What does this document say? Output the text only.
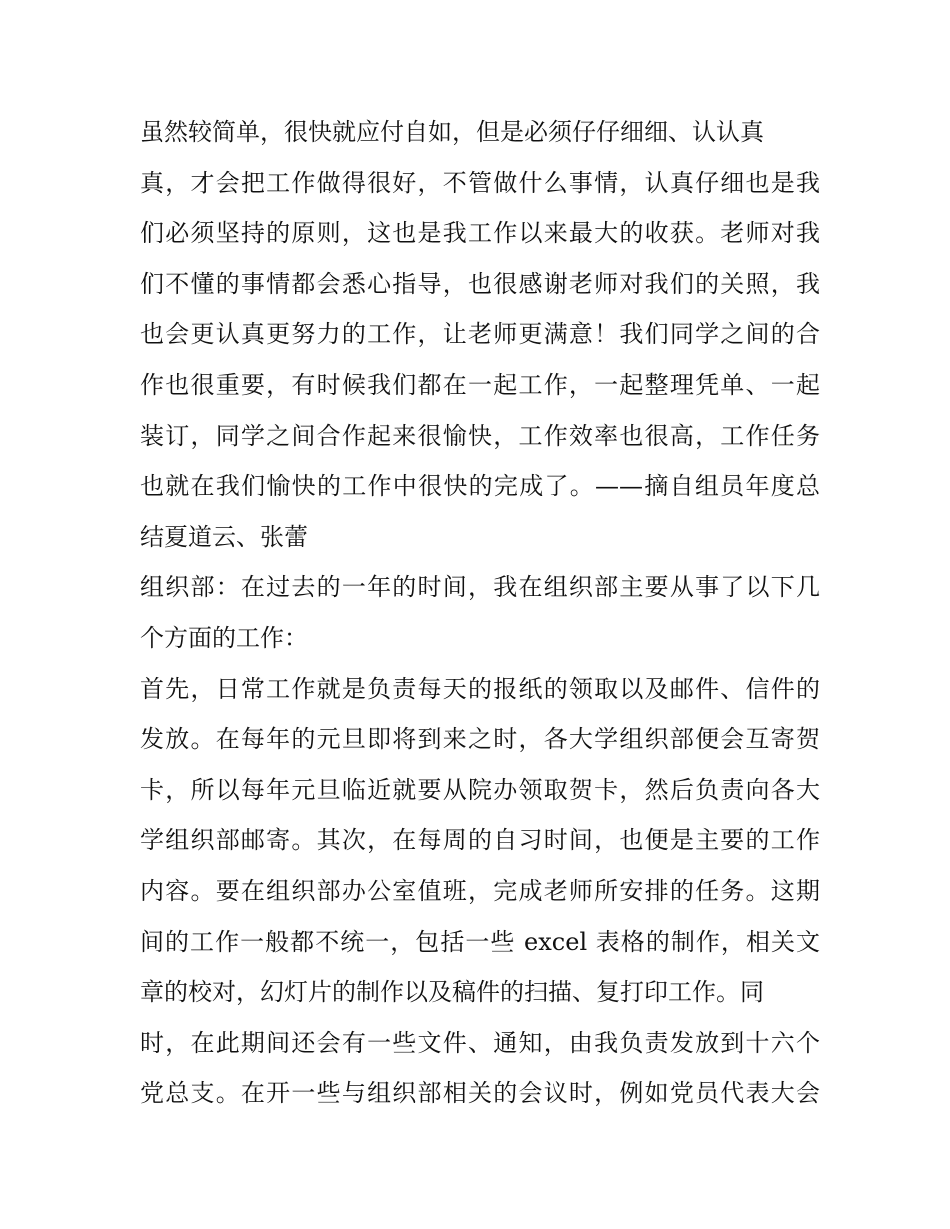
虽然较简单，很快就应付自如，但是必须仔仔细细、认认真
真，才会把工作做得很好，不管做什么事情，认真仔细也是我
们必须坚持的原则，这也是我工作以来最大的收获。老师对我
们不懂的事情都会悉心指导，也很感谢老师对我们的关照，我
也会更认真更努力的工作，让老师更满意！我们同学之间的合
作也很重要，有时候我们都在一起工作，一起整理凭单、一起
装订，同学之间合作起来很愉快，工作效率也很高，工作任务
也就在我们愉快的工作中很快的完成了。——摘自组员年度总
结夏道云、张蕾
组织部：在过去的一年的时间，我在组织部主要从事了以下几
个方面的工作：
首先，日常工作就是负责每天的报纸的领取以及邮件、信件的
发放。在每年的元旦即将到来之时，各大学组织部便会互寄贺
卡，所以每年元旦临近就要从院办领取贺卡，然后负责向各大
学组织部邮寄。其次，在每周的自习时间，也便是主要的工作
内容。要在组织部办公室值班，完成老师所安排的任务。这期
间的工作一般都不统一，包括一些 excel 表格的制作，相关文
章的校对，幻灯片的制作以及稿件的扫描、复打印工作。同
时，在此期间还会有一些文件、通知，由我负责发放到十六个
党总支。在开一些与组织部相关的会议时，例如党员代表大会
